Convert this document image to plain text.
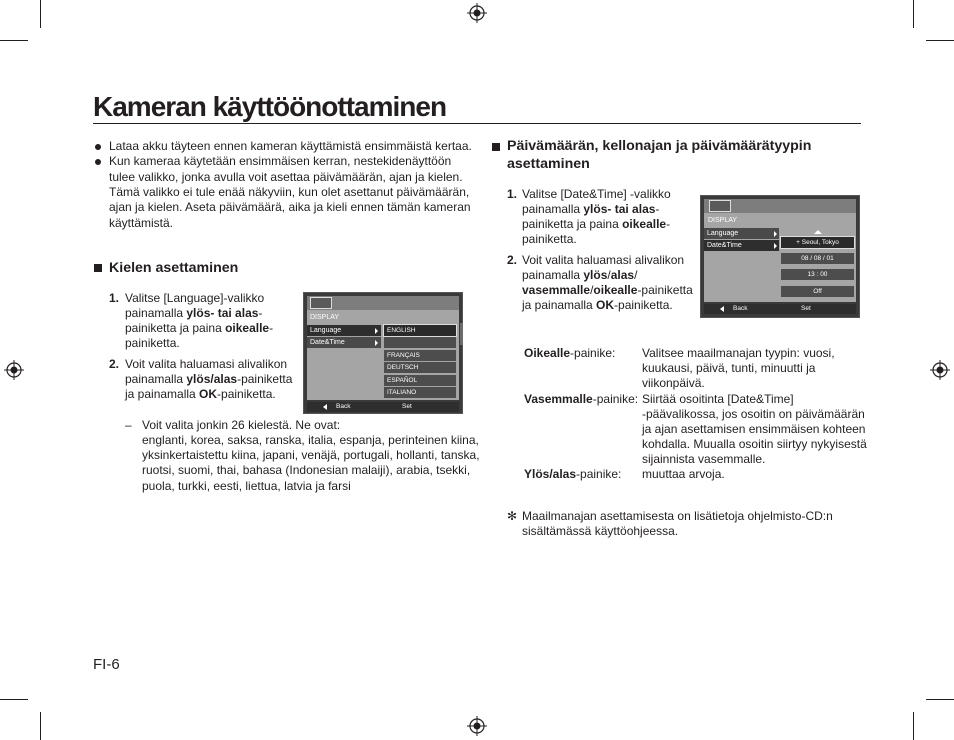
Kameran käyttöönottaminen
Lataa akku täyteen ennen kameran käyttämistä ensimmäistä kertaa.
Kun kameraa käytetään ensimmäisen kerran, nestekidenäyttöön
tulee valikko, jonka avulla voit asettaa päivämäärän, ajan ja kielen.
Tämä valikko ei tule enää näkyviin, kun olet asettanut päivämäärän,
ajan ja kielen. Aseta päivämäärä, aika ja kieli ennen tämän kameran
käyttämistä.
Kielen asettaminen
1. Valitse [Language]-valikko
painamalla ylös- tai alas-
painiketta ja paina oikealle-
painiketta.
2. Voit valita haluamasi alivalikon
painamalla ylös/alas-painiketta
ja painamalla OK-painiketta.
DISPLAY
Language
Date&Time
ENGLISH
FRANÇAIS
DEUTSCH
ESPAÑOL
ITALIANO
Back	Set
– Voit valita jonkin 26 kielestä. Ne ovat:
englanti, korea, saksa, ranska, italia, espanja, perinteinen kiina,
yksinkertaistettu kiina, japani, venäjä, portugali, hollanti, tanska,
ruotsi, suomi, thai, bahasa (Indonesian malaiji), arabia, tsekki,
puola, turkki, eesti, liettua, latvia ja farsi
Päivämäärän, kellonajan ja päivämäärätyypin
asettaminen
1. Valitse [Date&Time] -valikko
painamalla ylös- tai alas-
painiketta ja paina oikealle-
painiketta.
2. Voit valita haluamasi alivalikon
painamalla ylös/alas/
vasemmalle/oikealle-painiketta
ja painamalla OK-painiketta.
DISPLAY
Language
Date&Time	+ Seoul, Tokyo
08 / 08 / 01
13 : 00
Off
Back	Set
Oikealle-painike: Valitsee maailmanajan tyypin: vuosi,
kuukausi, päivä, tunti, minuutti ja
viikonpäivä.
Vasemmalle-painike: Siirtää osoitinta [Date&Time]
-päävalikossa, jos osoitin on päivämäärän
ja ajan asettamisen ensimmäisen kohteen
kohdalla. Muualla osoitin siirtyy nykyisestä
sijainnista vasemmalle.
Ylös/alas-painike: muuttaa arvoja.
✻ Maailmanajan asettamisesta on lisätietoja ohjelmisto-CD:n
sisältämässä käyttöohjeessa.
FI-6
